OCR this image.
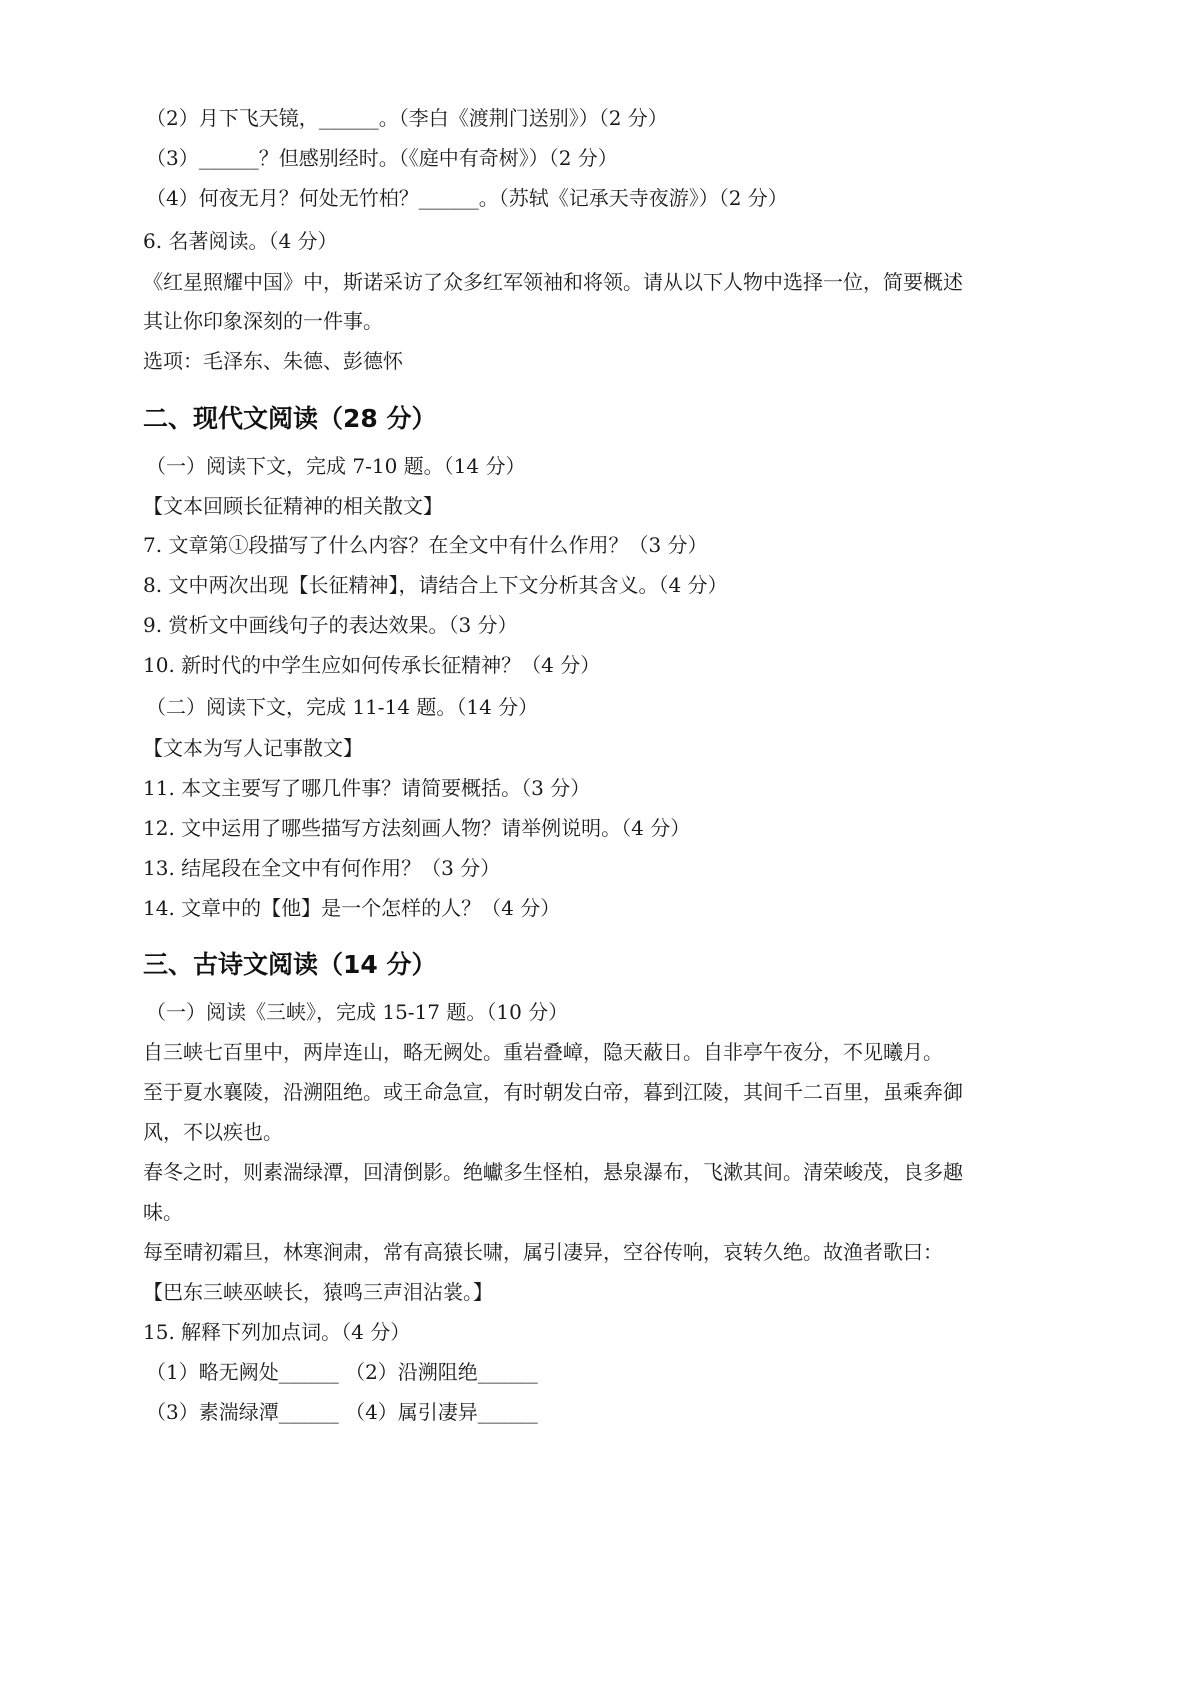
（2）月下飞天镜，______。（李白《渡荆门送别》）（2 分）
（3）______？但感别经时。（《庭中有奇树》）（2 分）
（4）何夜无月？何处无竹柏？______。（苏轼《记承天寺夜游》）（2 分）
6. 名著阅读。（4 分）
《红星照耀中国》中，斯诺采访了众多红军领袖和将领。请从以下人物中选择一位，简要概述
其让你印象深刻的一件事。
选项：毛泽东、朱德、彭德怀
二、现代文阅读（28 分）
（一）阅读下文，完成 7-10 题。（14 分）
【文本回顾长征精神的相关散文】
7. 文章第①段描写了什么内容？在全文中有什么作用？（3 分）
8. 文中两次出现【长征精神】，请结合上下文分析其含义。（4 分）
9. 赏析文中画线句子的表达效果。（3 分）
10. 新时代的中学生应如何传承长征精神？（4 分）
（二）阅读下文，完成 11-14 题。（14 分）
【文本为写人记事散文】
11. 本文主要写了哪几件事？请简要概括。（3 分）
12. 文中运用了哪些描写方法刻画人物？请举例说明。（4 分）
13. 结尾段在全文中有何作用？（3 分）
14. 文章中的【他】是一个怎样的人？（4 分）
三、古诗文阅读（14 分）
（一）阅读《三峡》，完成 15-17 题。（10 分）
自三峡七百里中，两岸连山，略无阙处。重岩叠嶂，隐天蔽日。自非亭午夜分，不见曦月。
至于夏水襄陵，沿溯阻绝。或王命急宣，有时朝发白帝，暮到江陵，其间千二百里，虽乘奔御
风，不以疾也。
春冬之时，则素湍绿潭，回清倒影。绝巘多生怪柏，悬泉瀑布，飞漱其间。清荣峻茂，良多趣
味。
每至晴初霜旦，林寒涧肃，常有高猿长啸，属引凄异，空谷传响，哀转久绝。故渔者歌曰：
【巴东三峡巫峡长，猿鸣三声泪沾裳。】
15. 解释下列加点词。（4 分）
（1）略无阙处______ （2）沿溯阻绝______
（3）素湍绿潭______ （4）属引凄异______
